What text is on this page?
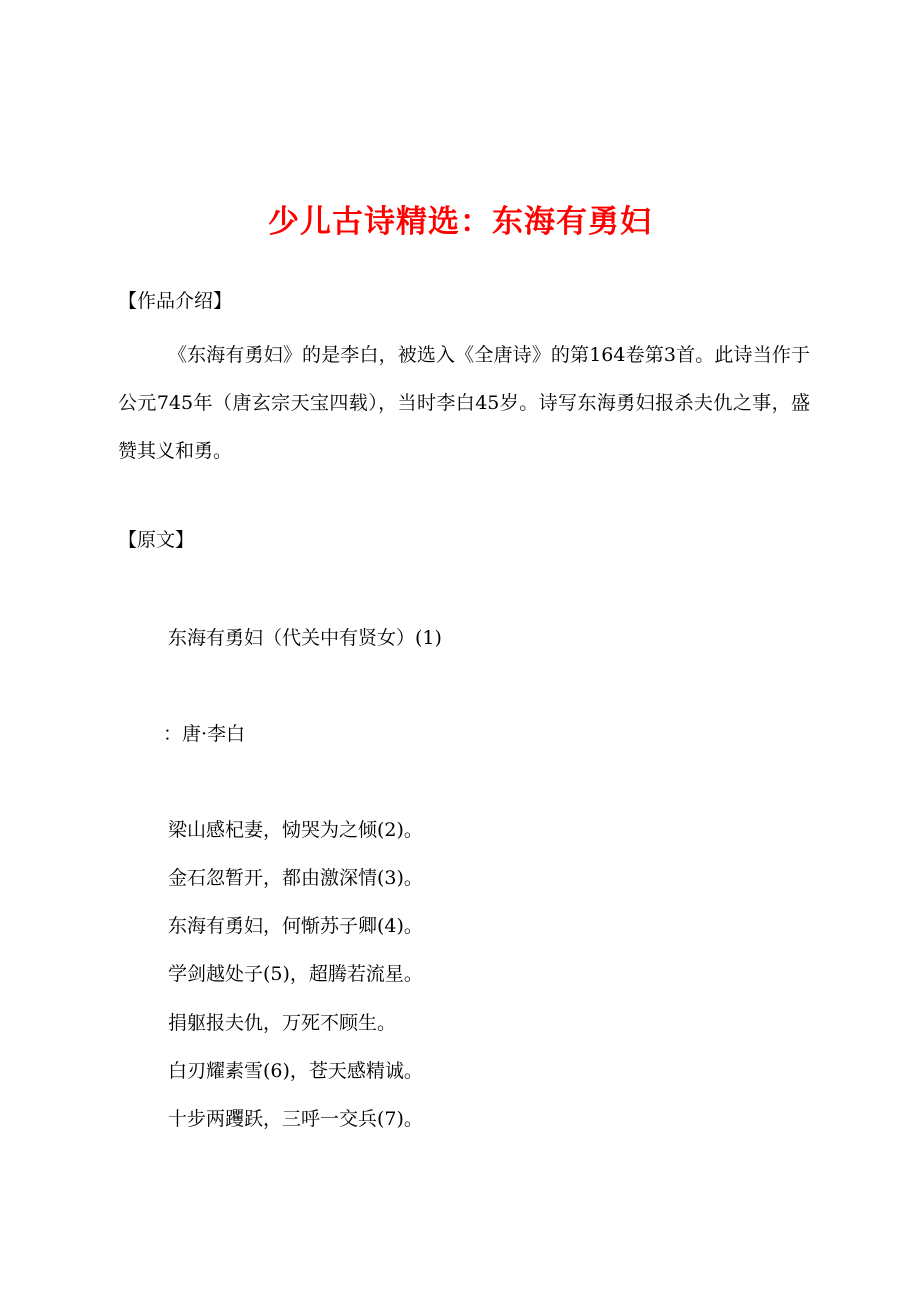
少儿古诗精选：东海有勇妇
【作品介绍】
《东海有勇妇》的是李白，被选入《全唐诗》的第164卷第3首。此诗当作于公元745年（唐玄宗天宝四载），当时李白45岁。诗写东海勇妇报杀夫仇之事，盛赞其义和勇。
【原文】
东海有勇妇（代关中有贤女）(1)
：唐·李白
梁山感杞妻，恸哭为之倾(2)。
金石忽暂开，都由激深情(3)。
东海有勇妇，何惭苏子卿(4)。
学剑越处子(5)，超腾若流星。
捐躯报夫仇，万死不顾生。
白刃耀素雪(6)，苍天感精诚。
十步两躩跃，三呼一交兵(7)。
